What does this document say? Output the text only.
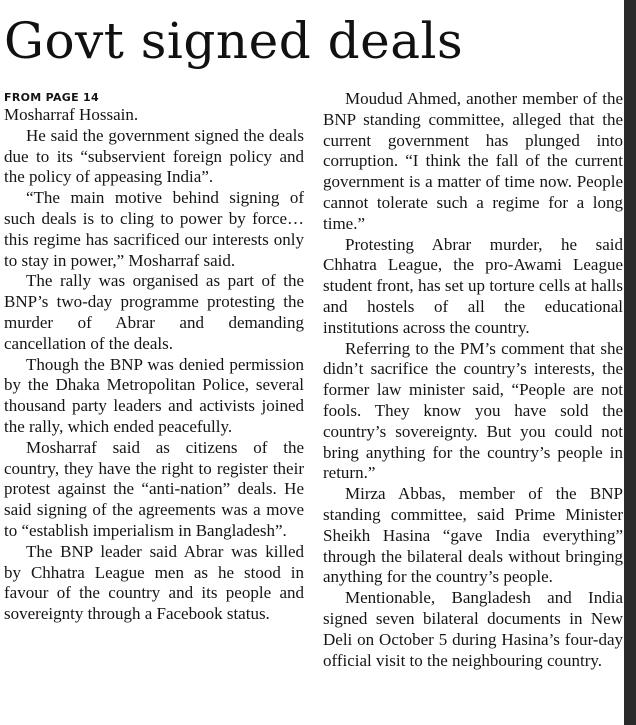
Govt signed deals

FROM PAGE 14

Mosharraf Hossain.

He said the government signed the deals due to its “subservient foreign policy and the policy of appeasing India”.

“The main motive behind signing of such deals is to cling to power by force… this regime has sacrificed our interests only to stay in power,” Mosharraf said.

The rally was organised as part of the BNP’s two-day programme protesting the murder of Abrar and demanding cancellation of the deals.

Though the BNP was denied permission by the Dhaka Metropolitan Police, several thousand party leaders and activists joined the rally, which ended peacefully.

Mosharraf said as citizens of the country, they have the right to register their protest against the “anti-nation” deals. He said signing of the agreements was a move to “establish imperialism in Bangladesh”.

The BNP leader said Abrar was killed by Chhatra League men as he stood in favour of the country and its people and sovereignty through a Facebook status.

Moudud Ahmed, another member of the BNP standing committee, alleged that the current government has plunged into corruption. “I think the fall of the current government is a matter of time now. People cannot tolerate such a regime for a long time.”

Protesting Abrar murder, he said Chhatra League, the pro-Awami League student front, has set up torture cells at halls and hostels of all the educational institutions across the country.

Referring to the PM’s comment that she didn’t sacrifice the country’s interests, the former law minister said, “People are not fools. They know you have sold the country’s sovereignty. But you could not bring anything for the country’s people in return.”

Mirza Abbas, member of the BNP standing committee, said Prime Minister Sheikh Hasina “gave India everything” through the bilateral deals without bringing anything for the country’s people.

Mentionable, Bangladesh and India signed seven bilateral documents in New Deli on October 5 during Hasina’s four-day official visit to the neighbouring country.
